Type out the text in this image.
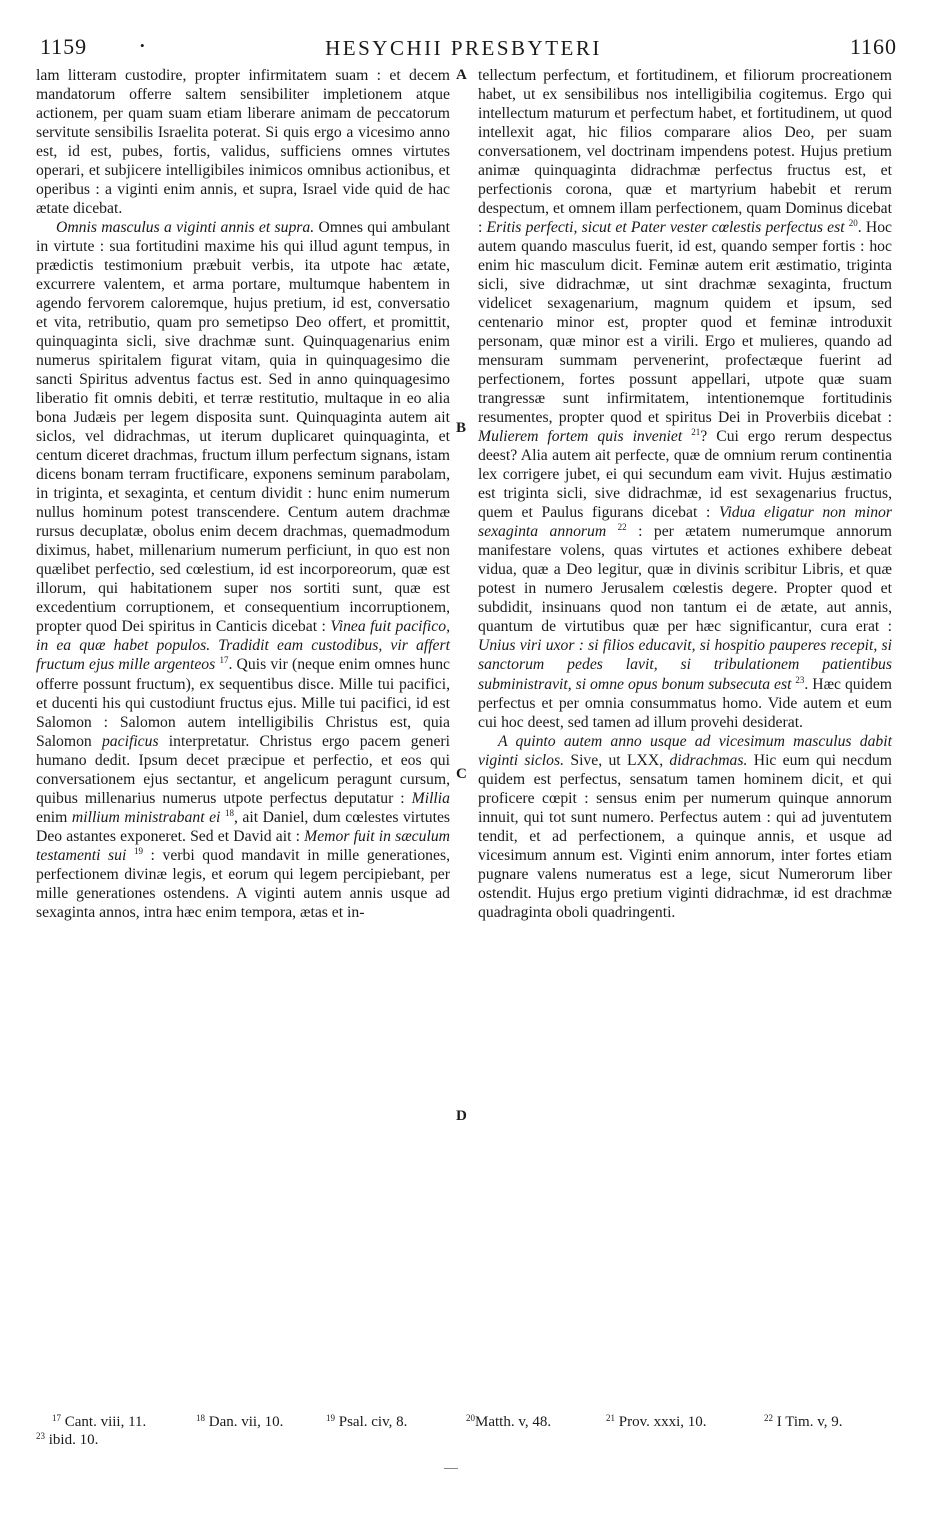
1159	•	HESYCHII PRESBYTERI	1160
A
B
C
D

lam litteram custodire, propter infirmitatem suam : et decem mandatorum offerre saltem sensibiliter impletionem atque actionem, per quam suam etiam liberare animam de peccatorum servitute sensibilis Israelita poterat. Si quis ergo a vicesimo anno est, id est, pubes, fortis, validus, sufficiens omnes virtutes operari, et subjicere intelligibiles inimicos omnibus actionibus, et operibus : a viginti enim annis, et supra, Israel vide quid de hac ætate dicebat.

Omnis masculus a viginti annis et supra. Omnes qui ambulant in virtute : sua fortitudini maxime his qui illud agunt tempus, in prædictis testimonium præbuit verbis, ita utpote hac ætate, excurrere valentem, et arma portare, multumque habentem in agendo fervorem caloremque, hujus pretium, id est, conversatio et vita, retributio, quam pro semetipso Deo offert, et promittit, quinquaginta sicli, sive drachmæ sunt. Quinquagenarius enim numerus spiritalem figurat vitam, quia in quinquagesimo die sancti Spiritus adventus factus est. Sed in anno quinquagesimo liberatio fit omnis debiti, et terræ restitutio, multaque in eo alia bona Judæis per legem disposita sunt. Quinquaginta autem ait siclos, vel didrachmas, ut iterum duplicaret quinquaginta, et centum diceret drachmas, fructum illum perfectum signans, istam dicens bonam terram fructificare, exponens seminum parabolam, in triginta, et sexaginta, et centum dividit : hunc enim numerum nullus hominum potest transcendere. Centum autem drachmæ rursus decuplatæ, obolus enim decem drachmas, quemadmodum diximus, habet, millenarium numerum perficiunt, in quo est non quælibet perfectio, sed cœlestium, id est incorporeorum, quæ est illorum, qui habitationem super nos sortiti sunt, quæ est excedentium corruptionem, et consequentium incorruptionem, propter quod Dei spiritus in Canticis dicebat : Vinea fuit pacifico, in ea quæ habet populos. Tradidit eam custodibus, vir affert fructum ejus mille argenteos $^{17}$. Quis vir (neque enim omnes hunc offerre possunt fructum), ex sequentibus disce. Mille tui pacifici, et ducenti his qui custodiunt fructus ejus. Mille tui pacifici, id est Salomon : Salomon autem intelligibilis Christus est, quia Salomon pacificus interpretatur. Christus ergo pacem generi humano dedit. Ipsum decet præcipue et perfectio, et eos qui conversationem ejus sectantur, et angelicum peragunt cursum, quibus millenarius numerus utpote perfectus deputatur : Millia enim millium ministrabant ei $^{18}$, ait Daniel, dum cœlestes virtutes Deo astantes exponeret. Sed et David ait : Memor fuit in sæculum testamenti sui $^{19}$ : verbi quod mandavit in mille generationes, perfectionem divinæ legis, et eorum qui legem percipiebant, per mille generationes ostendens. A viginti autem annis usque ad sexaginta annos, intra hæc enim tempora, ætas et in-

tellectum perfectum, et fortitudinem, et filiorum procreationem habet, ut ex sensibilibus nos intelligibilia cogitemus. Ergo qui intellectum maturum et perfectum habet, et fortitudinem, ut quod intellexit agat, hic filios comparare alios Deo, per suam conversationem, vel doctrinam impendens potest. Hujus pretium animæ quinquaginta didrachmæ perfectus fructus est, et perfectionis corona, quæ et martyrium habebit et rerum despectum, et omnem illam perfectionem, quam Dominus dicebat : Eritis perfecti, sicut et Pater vester cœlestis perfectus est $^{20}$. Hoc autem quando masculus fuerit, id est, quando semper fortis : hoc enim hic masculum dicit. Feminæ autem erit æstimatio, triginta sicli, sive didrachmæ, ut sint drachmæ sexaginta, fructum videlicet sexagenarium, magnum quidem et ipsum, sed centenario minor est, propter quod et feminæ introduxit personam, quæ minor est a virili. Ergo et mulieres, quando ad mensuram summam pervenerint, profectæque fuerint ad perfectionem, fortes possunt appellari, utpote quæ suam trangressæ sunt infirmitatem, intentionemque fortitudinis resumentes, propter quod et spiritus Dei in Proverbiis dicebat : Mulierem fortem quis inveniet $^{21}$? Cui ergo rerum despectus deest? Alia autem ait perfecte, quæ de omnium rerum continentia lex corrigere jubet, ei qui secundum eam vivit. Hujus æstimatio est triginta sicli, sive didrachmæ, id est sexagenarius fructus, quem et Paulus figurans dicebat : Vidua eligatur non minor sexaginta annorum $^{22}$ : per ætatem numerumque annorum manifestare volens, quas virtutes et actiones exhibere debeat vidua, quæ a Deo legitur, quæ in divinis scribitur Libris, et quæ potest in numero Jerusalem cœlestis degere. Propter quod et subdidit, insinuans quod non tantum ei de ætate, aut annis, quantum de virtutibus quæ per hæc significantur, cura erat : Unius viri uxor : si filios educavit, si hospitio pauperes recepit, si sanctorum pedes lavit, si tribulationem patientibus subministravit, si omne opus bonum subsecuta est $^{23}$. Hæc quidem perfectus et per omnia consummatus homo. Vide autem et eum cui hoc deest, sed tamen ad illum provehi desiderat.

A quinto autem anno usque ad vicesimum masculus dabit viginti siclos. Sive, ut LXX, didrachmas. Hic eum qui necdum quidem est perfectus, sensatum tamen hominem dicit, et qui proficere cœpit : sensus enim per numerum quinque annorum innuit, qui tot sunt numero. Perfectus autem : qui ad juventutem tendit, et ad perfectionem, a quinque annis, et usque ad vicesimum annum est. Viginti enim annorum, inter fortes etiam pugnare valens numeratus est a lege, sicut Numerorum liber ostendit. Hujus ergo pretium viginti didrachmæ, id est drachmæ quadraginta oboli quadringenti.

$^{17}$ Cant. viii, 11.	$^{18}$ Dan. vii, 10.	$^{19}$ Psal. civ, 8.	$^{20}$Matth. v, 48.	$^{21}$ Prov. xxxi, 10.	$^{22}$ I Tim. v, 9.
$^{23}$ ibid. 10.
